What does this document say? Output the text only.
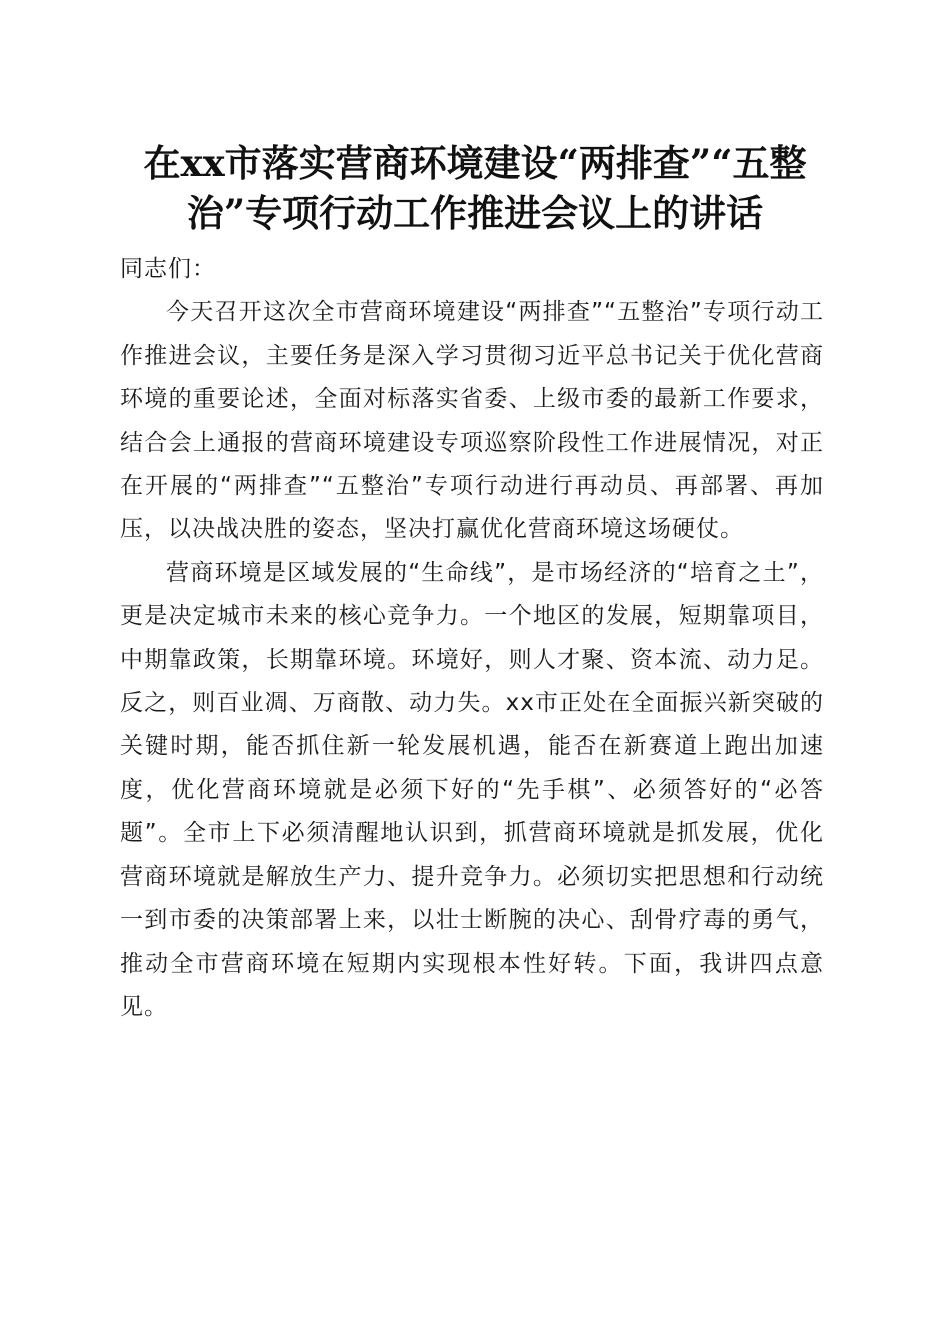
在xx市落实营商环境建设“两排查”“五整治”专项行动工作推进会议上的讲话

同志们：

今天召开这次全市营商环境建设“两排查”“五整治”专项行动工作推进会议，主要任务是深入学习贯彻习近平总书记关于优化营商环境的重要论述，全面对标落实省委、上级市委的最新工作要求，结合会上通报的营商环境建设专项巡察阶段性工作进展情况，对正在开展的“两排查”“五整治”专项行动进行再动员、再部署、再加压，以决战决胜的姿态，坚决打赢优化营商环境这场硬仗。

营商环境是区域发展的“生命线”，是市场经济的“培育之土”，更是决定城市未来的核心竞争力。一个地区的发展，短期靠项目，中期靠政策，长期靠环境。环境好，则人才聚、资本流、动力足。反之，则百业凋、万商散、动力失。xx市正处在全面振兴新突破的关键时期，能否抓住新一轮发展机遇，能否在新赛道上跑出加速度，优化营商环境就是必须下好的“先手棋”、必须答好的“必答题”。全市上下必须清醒地认识到，抓营商环境就是抓发展，优化营商环境就是解放生产力、提升竞争力。必须切实把思想和行动统一到市委的决策部署上来，以壮士断腕的决心、刮骨疗毒的勇气，推动全市营商环境在短期内实现根本性好转。下面，我讲四点意见。
